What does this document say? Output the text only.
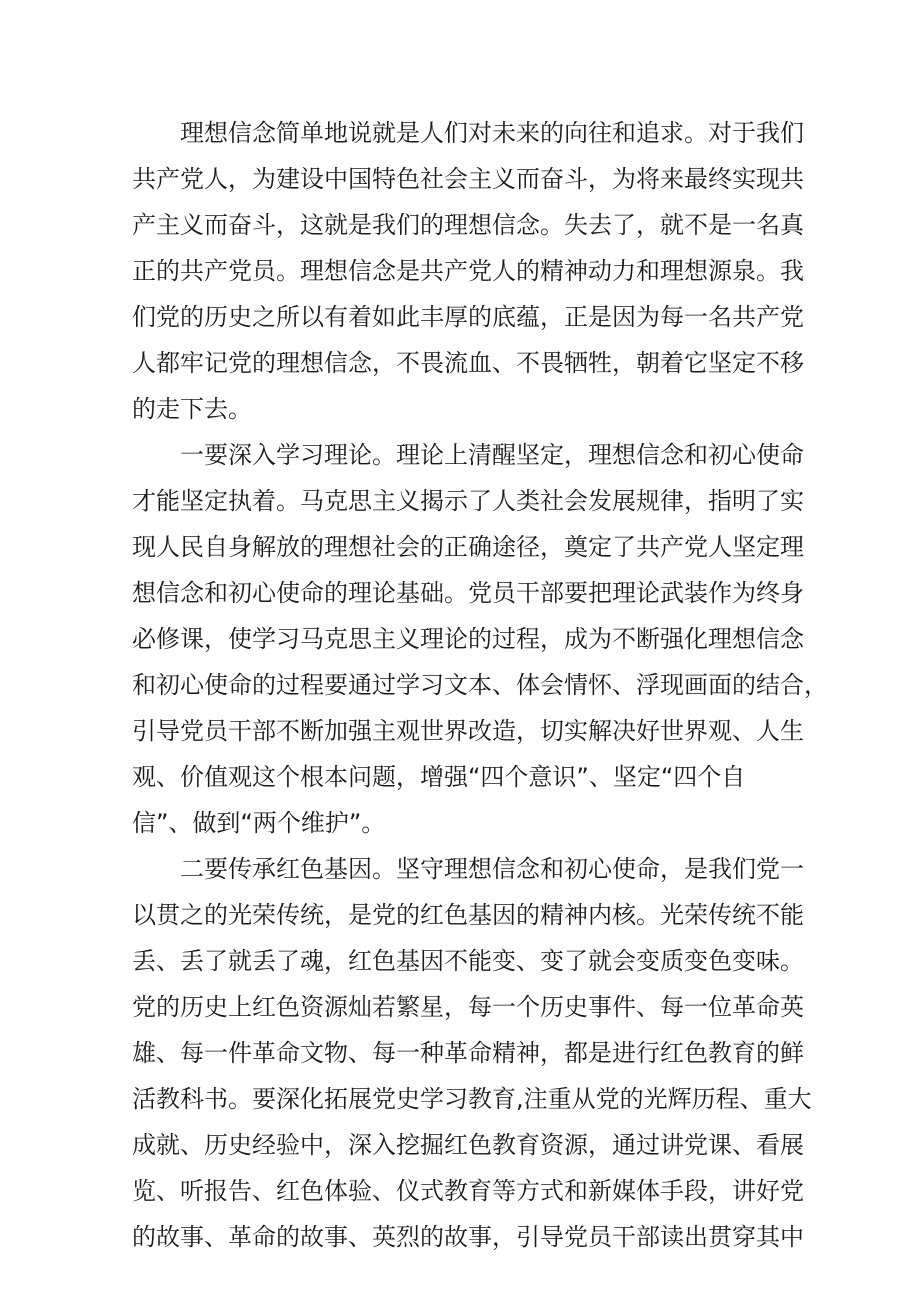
理想信念简单地说就是人们对未来的向往和追求。对于我们
共产党人，为建设中国特色社会主义而奋斗，为将来最终实现共
产主义而奋斗，这就是我们的理想信念。失去了，就不是一名真
正的共产党员。理想信念是共产党人的精神动力和理想源泉。我
们党的历史之所以有着如此丰厚的底蕴，正是因为每一名共产党
人都牢记党的理想信念，不畏流血、不畏牺牲，朝着它坚定不移
的走下去。
一要深入学习理论。理论上清醒坚定，理想信念和初心使命
才能坚定执着。马克思主义揭示了人类社会发展规律，指明了实
现人民自身解放的理想社会的正确途径，奠定了共产党人坚定理
想信念和初心使命的理论基础。党员干部要把理论武装作为终身
必修课，使学习马克思主义理论的过程，成为不断强化理想信念
和初心使命的过程要通过学习文本、体会情怀、浮现画面的结合，
引导党员干部不断加强主观世界改造，切实解决好世界观、人生
观、价值观这个根本问题，增强“四个意识”、坚定“四个自
信”、做到“两个维护”。
二要传承红色基因。坚守理想信念和初心使命，是我们党一
以贯之的光荣传统，是党的红色基因的精神内核。光荣传统不能
丢、丢了就丢了魂，红色基因不能变、变了就会变质变色变味。
党的历史上红色资源灿若繁星，每一个历史事件、每一位革命英
雄、每一件革命文物、每一种革命精神，都是进行红色教育的鲜
活教科书。要深化拓展党史学习教育,注重从党的光辉历程、重大
成就、历史经验中，深入挖掘红色教育资源，通过讲党课、看展
览、听报告、红色体验、仪式教育等方式和新媒体手段，讲好党
的故事、革命的故事、英烈的故事，引导党员干部读出贯穿其中
